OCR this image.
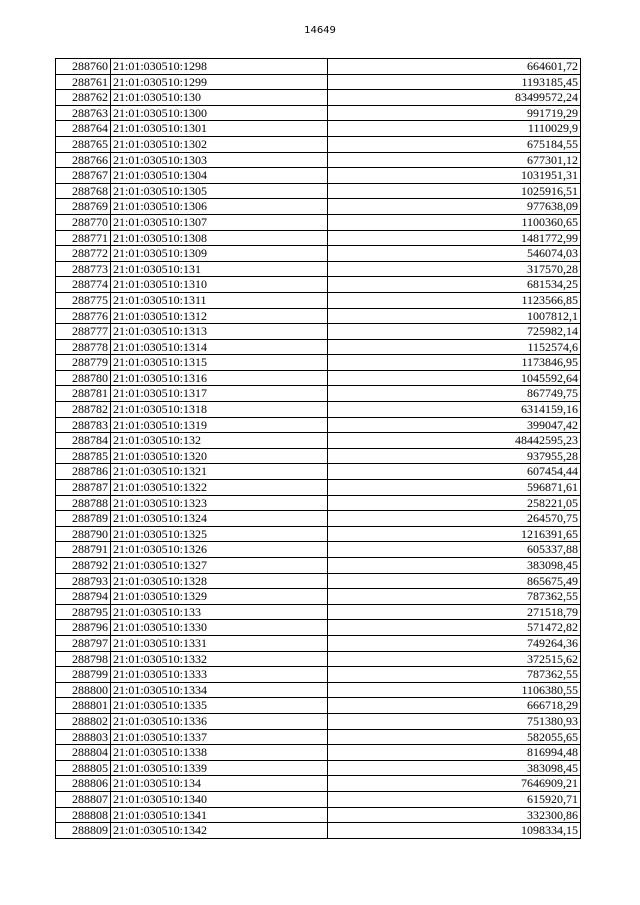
14649
288760	21:01:030510:1298	664601,72
288761	21:01:030510:1299	1193185,45
288762	21:01:030510:130	83499572,24
288763	21:01:030510:1300	991719,29
288764	21:01:030510:1301	1110029,9
288765	21:01:030510:1302	675184,55
288766	21:01:030510:1303	677301,12
288767	21:01:030510:1304	1031951,31
288768	21:01:030510:1305	1025916,51
288769	21:01:030510:1306	977638,09
288770	21:01:030510:1307	1100360,65
288771	21:01:030510:1308	1481772,99
288772	21:01:030510:1309	546074,03
288773	21:01:030510:131	317570,28
288774	21:01:030510:1310	681534,25
288775	21:01:030510:1311	1123566,85
288776	21:01:030510:1312	1007812,1
288777	21:01:030510:1313	725982,14
288778	21:01:030510:1314	1152574,6
288779	21:01:030510:1315	1173846,95
288780	21:01:030510:1316	1045592,64
288781	21:01:030510:1317	867749,75
288782	21:01:030510:1318	6314159,16
288783	21:01:030510:1319	399047,42
288784	21:01:030510:132	48442595,23
288785	21:01:030510:1320	937955,28
288786	21:01:030510:1321	607454,44
288787	21:01:030510:1322	596871,61
288788	21:01:030510:1323	258221,05
288789	21:01:030510:1324	264570,75
288790	21:01:030510:1325	1216391,65
288791	21:01:030510:1326	605337,88
288792	21:01:030510:1327	383098,45
288793	21:01:030510:1328	865675,49
288794	21:01:030510:1329	787362,55
288795	21:01:030510:133	271518,79
288796	21:01:030510:1330	571472,82
288797	21:01:030510:1331	749264,36
288798	21:01:030510:1332	372515,62
288799	21:01:030510:1333	787362,55
288800	21:01:030510:1334	1106380,55
288801	21:01:030510:1335	666718,29
288802	21:01:030510:1336	751380,93
288803	21:01:030510:1337	582055,65
288804	21:01:030510:1338	816994,48
288805	21:01:030510:1339	383098,45
288806	21:01:030510:134	7646909,21
288807	21:01:030510:1340	615920,71
288808	21:01:030510:1341	332300,86
288809	21:01:030510:1342	1098334,15
